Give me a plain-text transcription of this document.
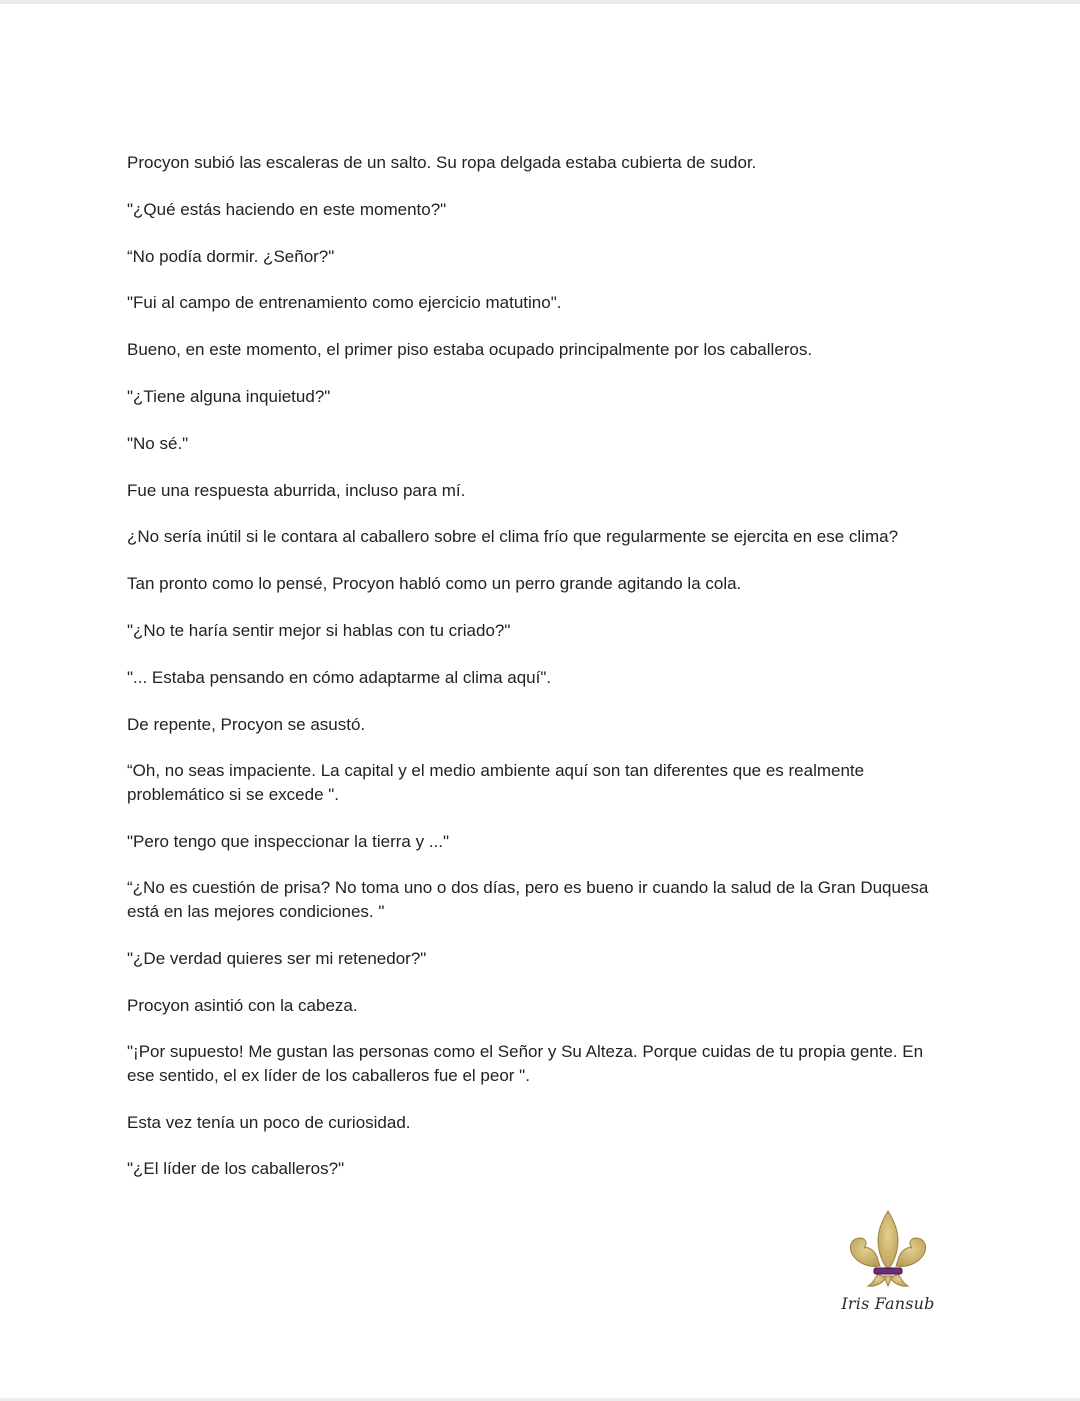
Procyon subió las escaleras de un salto. Su ropa delgada estaba cubierta de sudor.

"¿Qué estás haciendo en este momento?"

“No podía dormir. ¿Señor?"

"Fui al campo de entrenamiento como ejercicio matutino".

Bueno, en este momento, el primer piso estaba ocupado principalmente por los caballeros.

"¿Tiene alguna inquietud?"

"No sé."

Fue una respuesta aburrida, incluso para mí.

¿No sería inútil si le contara al caballero sobre el clima frío que regularmente se ejercita en ese clima?

Tan pronto como lo pensé, Procyon habló como un perro grande agitando la cola.

"¿No te haría sentir mejor si hablas con tu criado?"

"... Estaba pensando en cómo adaptarme al clima aquí".

De repente, Procyon se asustó.

“Oh, no seas impaciente. La capital y el medio ambiente aquí son tan diferentes que es realmente problemático si se excede ".

"Pero tengo que inspeccionar la tierra y ..."

“¿No es cuestión de prisa? No toma uno o dos días, pero es bueno ir cuando la salud de la Gran Duquesa está en las mejores condiciones. "

"¿De verdad quieres ser mi retenedor?"

Procyon asintió con la cabeza.

"¡Por supuesto! Me gustan las personas como el Señor y Su Alteza. Porque cuidas de tu propia gente. En ese sentido, el ex líder de los caballeros fue el peor ".

Esta vez tenía un poco de curiosidad.

"¿El líder de los caballeros?"

Iris Fansub
